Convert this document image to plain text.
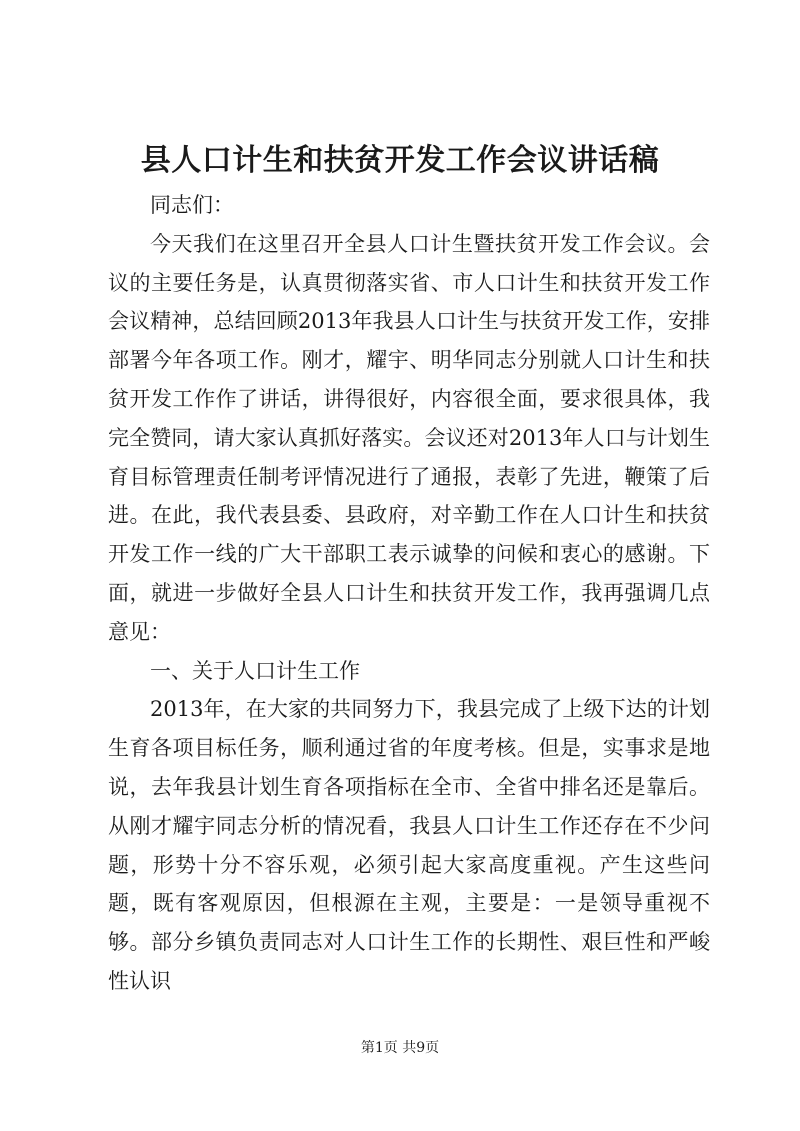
县人口计生和扶贫开发工作会议讲话稿

同志们：

今天我们在这里召开全县人口计生暨扶贫开发工作会议。会议的主要任务是，认真贯彻落实省、市人口计生和扶贫开发工作会议精神，总结回顾2013年我县人口计生与扶贫开发工作，安排部署今年各项工作。刚才，耀宇、明华同志分别就人口计生和扶贫开发工作作了讲话，讲得很好，内容很全面，要求很具体，我完全赞同，请大家认真抓好落实。会议还对2013年人口与计划生育目标管理责任制考评情况进行了通报，表彰了先进，鞭策了后进。在此，我代表县委、县政府，对辛勤工作在人口计生和扶贫开发工作一线的广大干部职工表示诚挚的问候和衷心的感谢。下面，就进一步做好全县人口计生和扶贫开发工作，我再强调几点意见：

一、关于人口计生工作

2013年，在大家的共同努力下，我县完成了上级下达的计划生育各项目标任务，顺利通过省的年度考核。但是，实事求是地说，去年我县计划生育各项指标在全市、全省中排名还是靠后。从刚才耀宇同志分析的情况看，我县人口计生工作还存在不少问题，形势十分不容乐观，必须引起大家高度重视。产生这些问题，既有客观原因，但根源在主观，主要是：一是领导重视不够。部分乡镇负责同志对人口计生工作的长期性、艰巨性和严峻性认识

第1页 共9页
